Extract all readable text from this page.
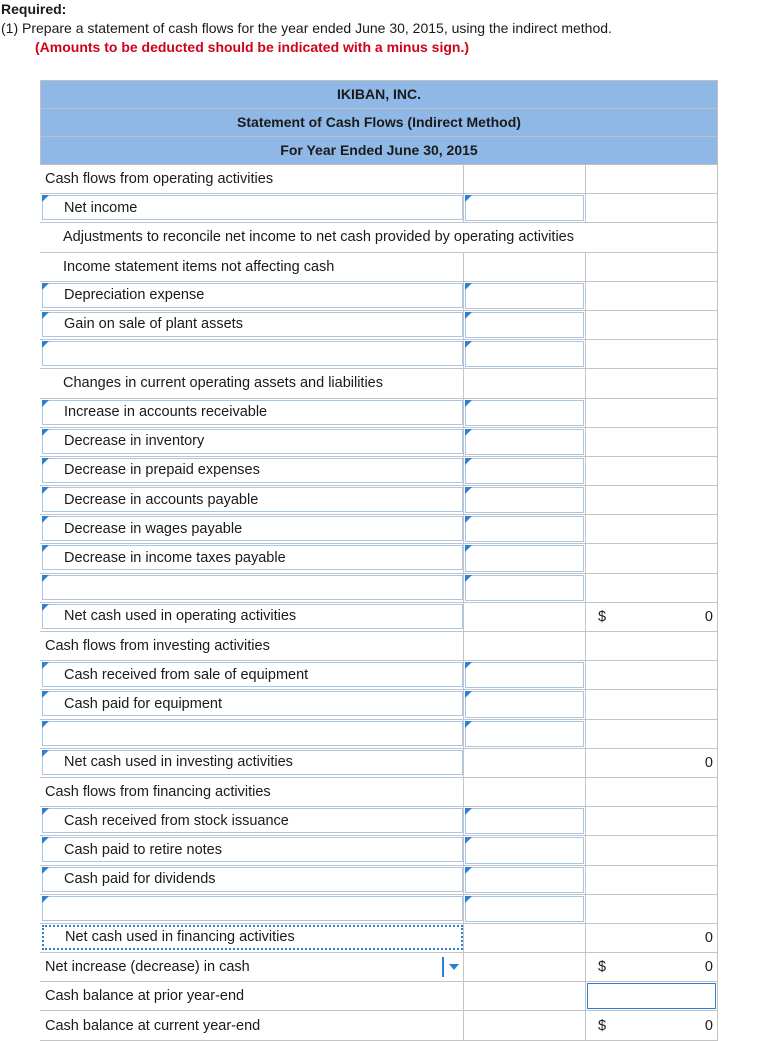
Required:
(1) Prepare a statement of cash flows for the year ended June 30, 2015, using the indirect method.
(Amounts to be deducted should be indicated with a minus sign.)
IKIBAN, INC.
Statement of Cash Flows (Indirect Method)
For Year Ended June 30, 2015
Cash flows from operating activities
Net income
Adjustments to reconcile net income to net cash provided by operating activities
Income statement items not affecting cash
Depreciation expense
Gain on sale of plant assets
Changes in current operating assets and liabilities
Increase in accounts receivable
Decrease in inventory
Decrease in prepaid expenses
Decrease in accounts payable
Decrease in wages payable
Decrease in income taxes payable
Net cash used in operating activities	$	0
Cash flows from investing activities
Cash received from sale of equipment
Cash paid for equipment
Net cash used in investing activities	0
Cash flows from financing activities
Cash received from stock issuance
Cash paid to retire notes
Cash paid for dividends
Net cash used in financing activities	0
Net increase (decrease) in cash	$	0
Cash balance at prior year-end
Cash balance at current year-end	$	0
